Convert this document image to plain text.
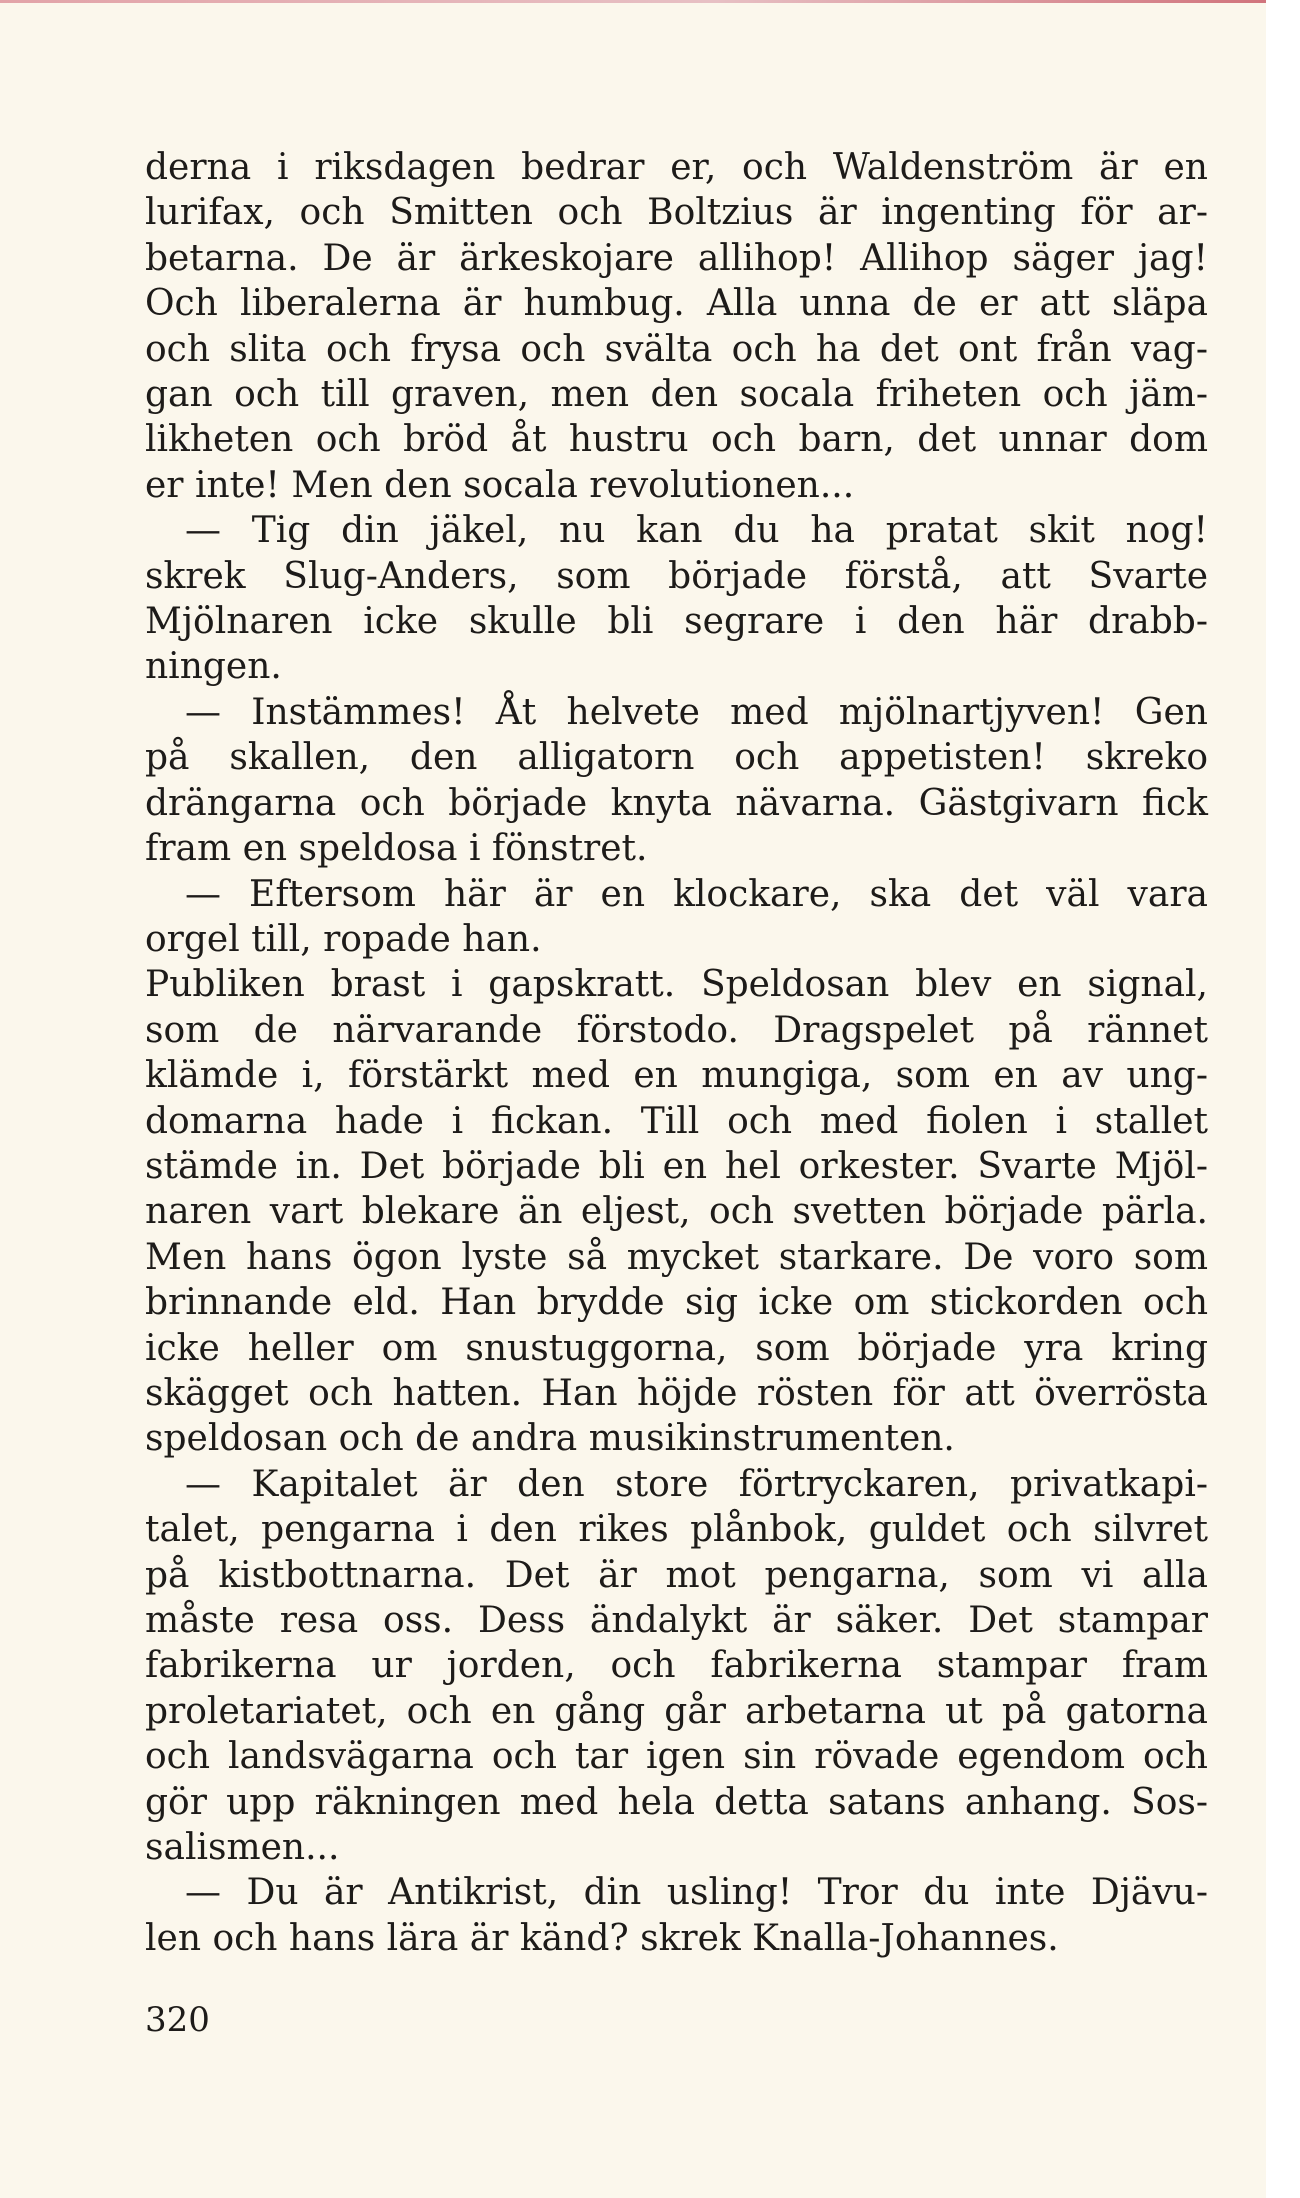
derna i riksdagen bedrar er, och Waldenström är en
lurifax, och Smitten och Boltzius är ingenting för ar-
betarna. De är ärkeskojare allihop! Allihop säger jag!
Och liberalerna är humbug. Alla unna de er att släpa
och slita och frysa och svälta och ha det ont från vag-
gan och till graven, men den socala friheten och jäm-
likheten och bröd åt hustru och barn, det unnar dom
er inte! Men den socala revolutionen...
— Tig din jäkel, nu kan du ha pratat skit nog!
skrek Slug-Anders, som började förstå, att Svarte
Mjölnaren icke skulle bli segrare i den här drabb-
ningen.
— Instämmes! Åt helvete med mjölnartjyven! Gen
på skallen, den alligatorn och appetisten! skreko
drängarna och började knyta nävarna. Gästgivarn fick
fram en speldosa i fönstret.
— Eftersom här är en klockare, ska det väl vara
orgel till, ropade han.
Publiken brast i gapskratt. Speldosan blev en signal,
som de närvarande förstodo. Dragspelet på rännet
klämde i, förstärkt med en mungiga, som en av ung-
domarna hade i fickan. Till och med fiolen i stallet
stämde in. Det började bli en hel orkester. Svarte Mjöl-
naren vart blekare än eljest, och svetten började pärla.
Men hans ögon lyste så mycket starkare. De voro som
brinnande eld. Han brydde sig icke om stickorden och
icke heller om snustuggorna, som började yra kring
skägget och hatten. Han höjde rösten för att överrösta
speldosan och de andra musikinstrumenten.
— Kapitalet är den store förtryckaren, privatkapi-
talet, pengarna i den rikes plånbok, guldet och silvret
på kistbottnarna. Det är mot pengarna, som vi alla
måste resa oss. Dess ändalykt är säker. Det stampar
fabrikerna ur jorden, och fabrikerna stampar fram
proletariatet, och en gång går arbetarna ut på gatorna
och landsvägarna och tar igen sin rövade egendom och
gör upp räkningen med hela detta satans anhang. Sos-
salismen...
— Du är Antikrist, din usling! Tror du inte Djävu-
len och hans lära är känd? skrek Knalla-Johannes.
320
